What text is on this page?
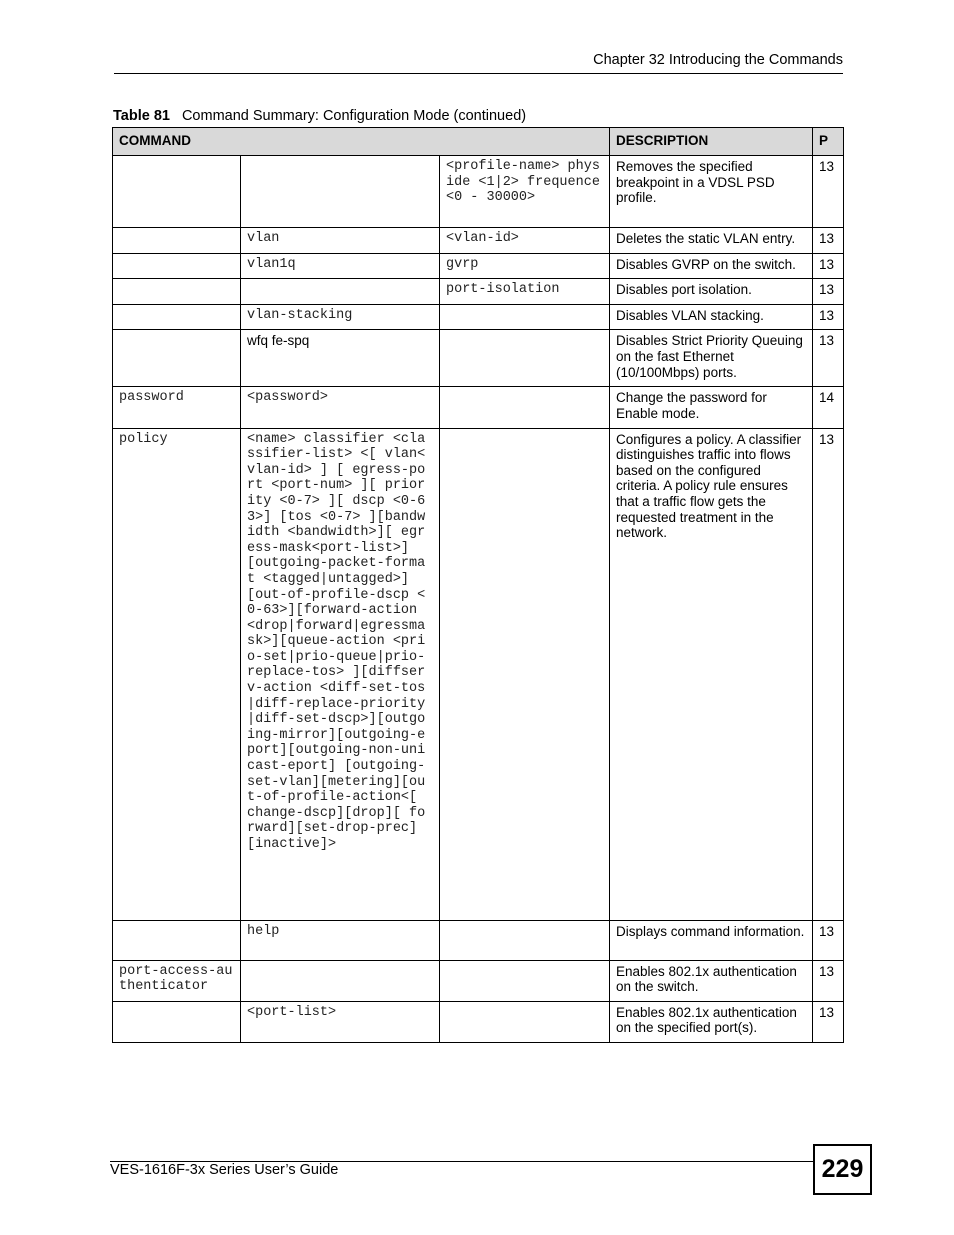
Chapter 32 Introducing the Commands
Table 81 Command Summary: Configuration Mode (continued)
COMMAND			DESCRIPTION	P
		<profile-name> physide <1|2> frequence <0 - 30000>	Removes the specified breakpoint in a VDSL PSD profile.	13
	vlan	<vlan-id>	Deletes the static VLAN entry.	13
	vlan1q	gvrp	Disables GVRP on the switch.	13
		port-isolation	Disables port isolation.	13
	vlan-stacking		Disables VLAN stacking.	13
	wfq fe-spq		Disables Strict Priority Queuing on the fast Ethernet (10/100Mbps) ports.	13
password	<password>		Change the password for Enable mode.	14
policy	<name> classifier <classifier-list> <[ vlan<vlan-id> ] [ egress-port <port-num> ][ priority <0-7> ][ dscp <0-63>] [tos <0-7> ][bandwidth <bandwidth>][ egress-mask<port-list>] [outgoing-packet-format <tagged|untagged>] [out-of-profile-dscp <0-63>][forward-action <drop|forward|egressmask>][queue-action <prio-set|prio-queue|prio-replace-tos> ][diffserv-action <diff-set-tos|diff-replace-priority|diff-set-dscp>][outgoing-mirror][outgoing-eport][outgoing-non-unicast-eport] [outgoing-set-vlan][metering][out-of-profile-action<[ change-dscp][drop][ forward][set-drop-prec][inactive]>		Configures a policy. A classifier distinguishes traffic into flows based on the configured criteria. A policy rule ensures that a traffic flow gets the requested treatment in the network.	13
	help		Displays command information.	13
port-access-authenticator			Enables 802.1x authentication on the switch.	13
	<port-list>		Enables 802.1x authentication on the specified port(s).	13
VES-1616F-3x Series User’s Guide	229
